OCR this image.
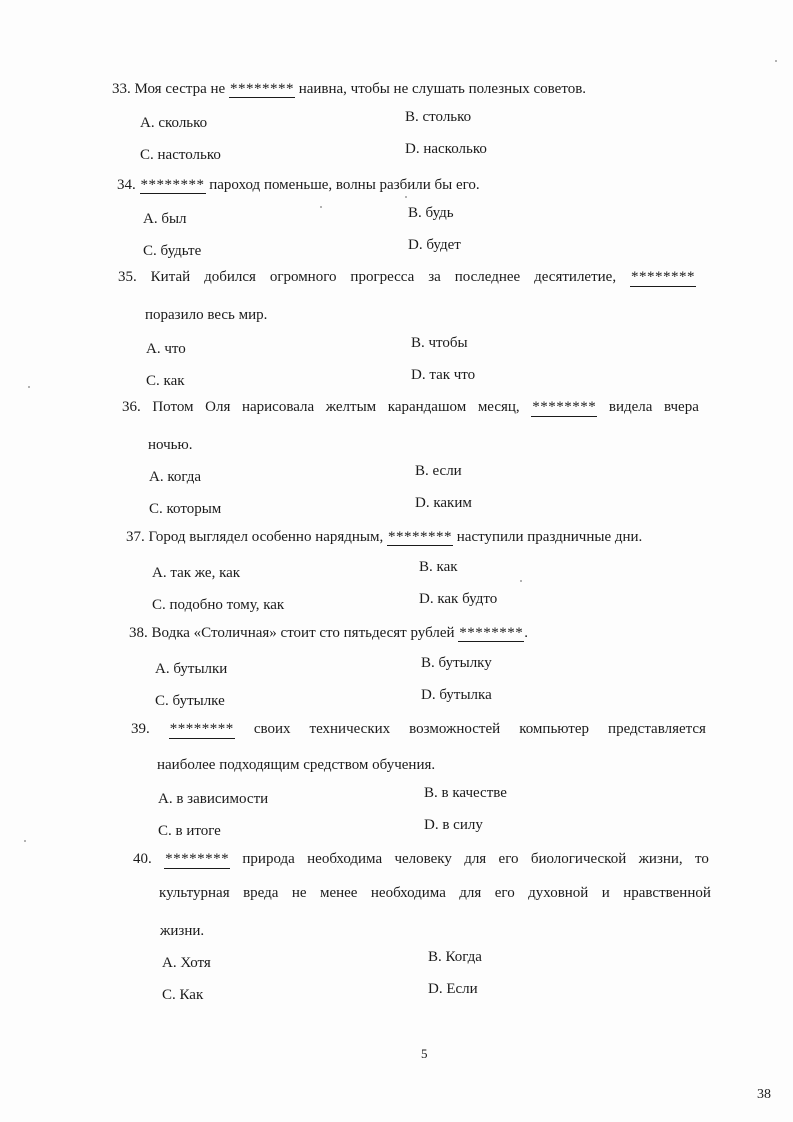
33. Моя сестра не ******** наивна, чтобы не слушать полезных советов.
A. сколько	B. столько
C. настолько	D. насколько
34. ******** пароход поменьше, волны разбили бы его.
A. был	B. будь
C. будьте	D. будет
35. Китай добился огромного прогресса за последнее десятилетие, ********
поразило весь мир.
A. что	B. чтобы
C. как	D. так что
36. Потом Оля нарисовала желтым карандашом месяц, ******** видела вчера
ночью.
A. когда	B. если
C. которым	D. каким
37. Город выглядел особенно нарядным, ******** наступили праздничные дни.
A. так же, как	B. как
C. подобно тому, как	D. как будто
38. Водка «Столичная» стоит сто пятьдесят рублей ********.
A. бутылки	B. бутылку
C. бутылке	D. бутылка
39. ******** своих технических возможностей компьютер представляется
наиболее подходящим средством обучения.
A. в зависимости	B. в качестве
C. в итоге	D. в силу
40. ******** природа необходима человеку для его биологической жизни, то
культурная вреда не менее необходима для его духовной и нравственной
жизни.
A. Хотя	B. Когда
C. Как	D. Если
5
38
